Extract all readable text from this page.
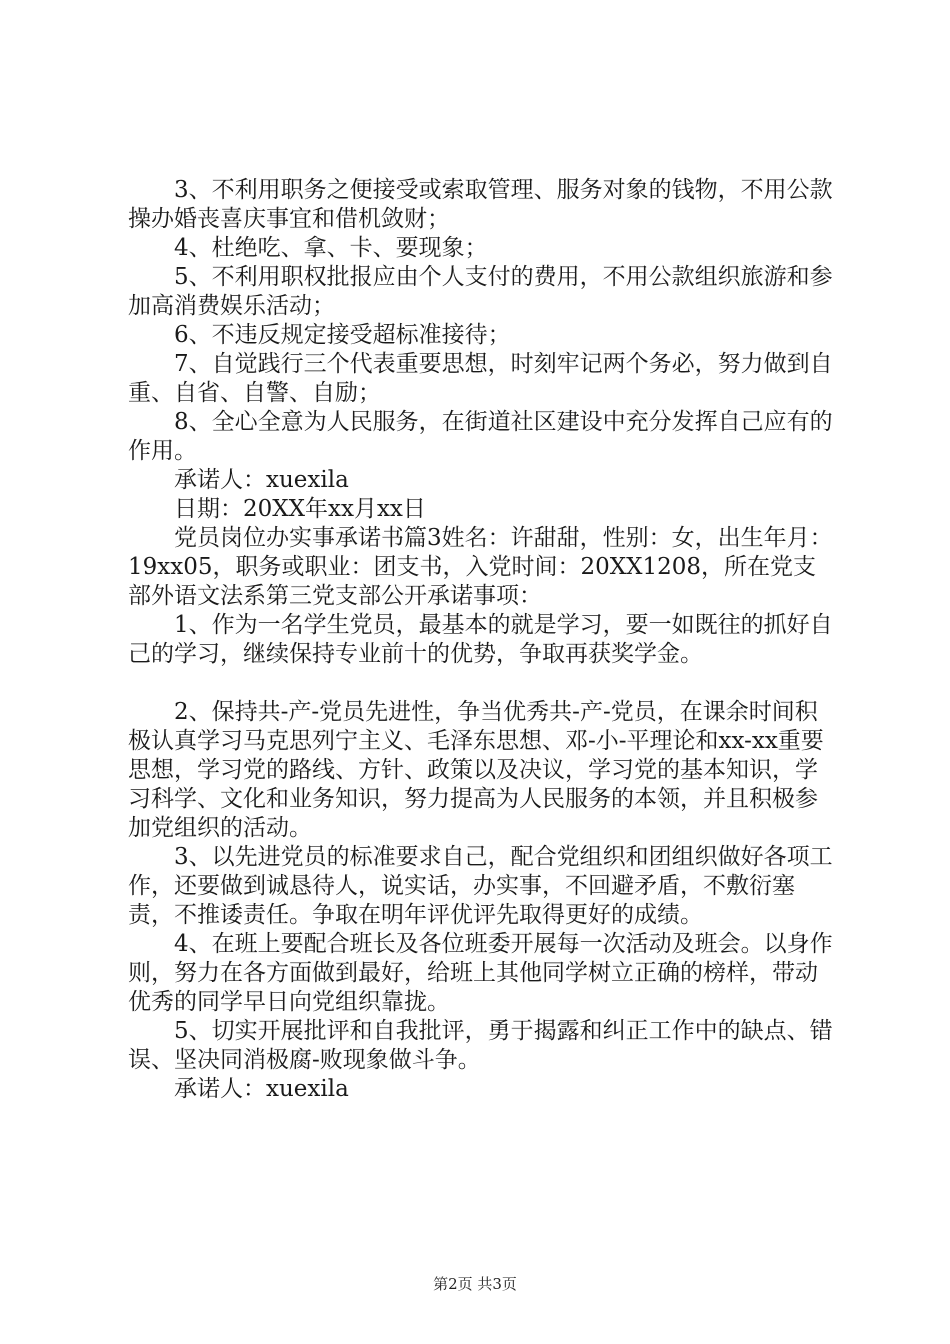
3、不利用职务之便接受或索取管理、服务对象的钱物，不用公款操办婚丧喜庆事宜和借机敛财；

4、杜绝吃、拿、卡、要现象；

5、不利用职权批报应由个人支付的费用，不用公款组织旅游和参加高消费娱乐活动；

6、不违反规定接受超标准接待；

7、自觉践行三个代表重要思想，时刻牢记两个务必，努力做到自重、自省、自警、自励；

8、全心全意为人民服务，在街道社区建设中充分发挥自己应有的作用。

承诺人：xuexila

日期：20XX年xx月xx日

党员岗位办实事承诺书篇3姓名：许甜甜，性别：女，出生年月：19xx05，职务或职业：团支书，入党时间：20XX1208，所在党支部外语文法系第三党支部公开承诺事项：

1、作为一名学生党员，最基本的就是学习，要一如既往的抓好自己的学习，继续保持专业前十的优势，争取再获奖学金。

2、保持共-产-党员先进性，争当优秀共-产-党员，在课余时间积极认真学习马克思列宁主义、毛泽东思想、邓-小-平理论和xx-xx重要思想，学习党的路线、方针、政策以及决议，学习党的基本知识，学习科学、文化和业务知识，努力提高为人民服务的本领，并且积极参加党组织的活动。

3、以先进党员的标准要求自己，配合党组织和团组织做好各项工作，还要做到诚恳待人，说实话，办实事，不回避矛盾，不敷衍塞责，不推诿责任。争取在明年评优评先取得更好的成绩。

4、在班上要配合班长及各位班委开展每一次活动及班会。以身作则，努力在各方面做到最好，给班上其他同学树立正确的榜样，带动优秀的同学早日向党组织靠拢。

5、切实开展批评和自我批评，勇于揭露和纠正工作中的缺点、错误、坚决同消极腐-败现象做斗争。

承诺人：xuexila

第2页 共3页
